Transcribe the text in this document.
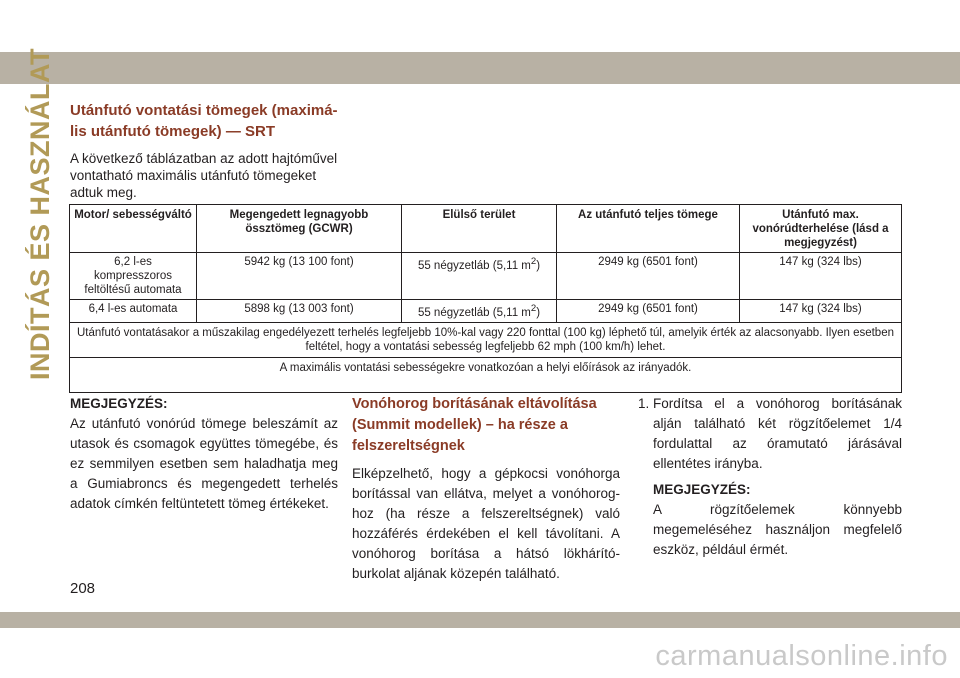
INDÍTÁS ÉS HASZNÁLAT	Utánfutó vontatási tömegek (maximá-
lis utánfutó tömegek) — SRT

A következő táblázatban az adott hajtóművel vontatható maximális utánfutó tömegeket adtuk meg.

Motor/ sebességváltó	Megengedett legnagyobb össztömeg (GCWR)	Elülső terület	Az utánfutó teljes tömege	Utánfutó max. vonórúdterhelése (lásd a megjegyzést)
6,2 l-es kompresszoros feltöltésű automata	5942 kg (13 100 font)	55 négyzetláb (5,11 $m^2$)	2949 kg (6501 font)	147 kg (324 lbs)
6,4 l-es automata	5898 kg (13 003 font)	55 négyzetláb (5,11 $m^2$)	2949 kg (6501 font)	147 kg (324 lbs)
Utánfutó vontatásakor a műszakilag engedélyezett terhelés legfeljebb 10%-kal vagy 220 fonttal (100 kg) léphető túl, amelyik érték az alacsonyabb. Ilyen esetben feltétel, hogy a vontatási sebesség legfeljebb 62 mph (100 km/h) lehet.				
A maximális vontatási sebességekre vonatkozóan a helyi előírások az irányadók.				

MEGJEGYZÉS:

Az utánfutó vonórúd tömege beleszámít az utasok és csomagok együttes tömegébe, és ez semmilyen esetben sem haladhatja meg a Gumiabroncs és megengedett terhelés adatok címkén feltüntetett tömeg értékeket.

Vonóhorog borításának eltávolítása (Summit modellek) – ha része a felszereltségnek

Elképzelhető, hogy a gépkocsi vonóhorga borítással van ellátva, melyet a vonóhorog-hoz (ha része a felszereltségnek) való hozzáférés érdekében el kell távolítani. A vonóhorog borítása a hátsó lökhárító-burkolat aljának közepén található.

1. Fordítsa el a vonóhorog borításának alján található két rögzítőelemet 1/4 fordulattal az óramutató járásával ellentétes irányba.

MEGJEGYZÉS:

A rögzítőelemek könnyebb megemeléséhez használjon megfelelő eszköz, például érmét.

208
carmanualsonline.info
